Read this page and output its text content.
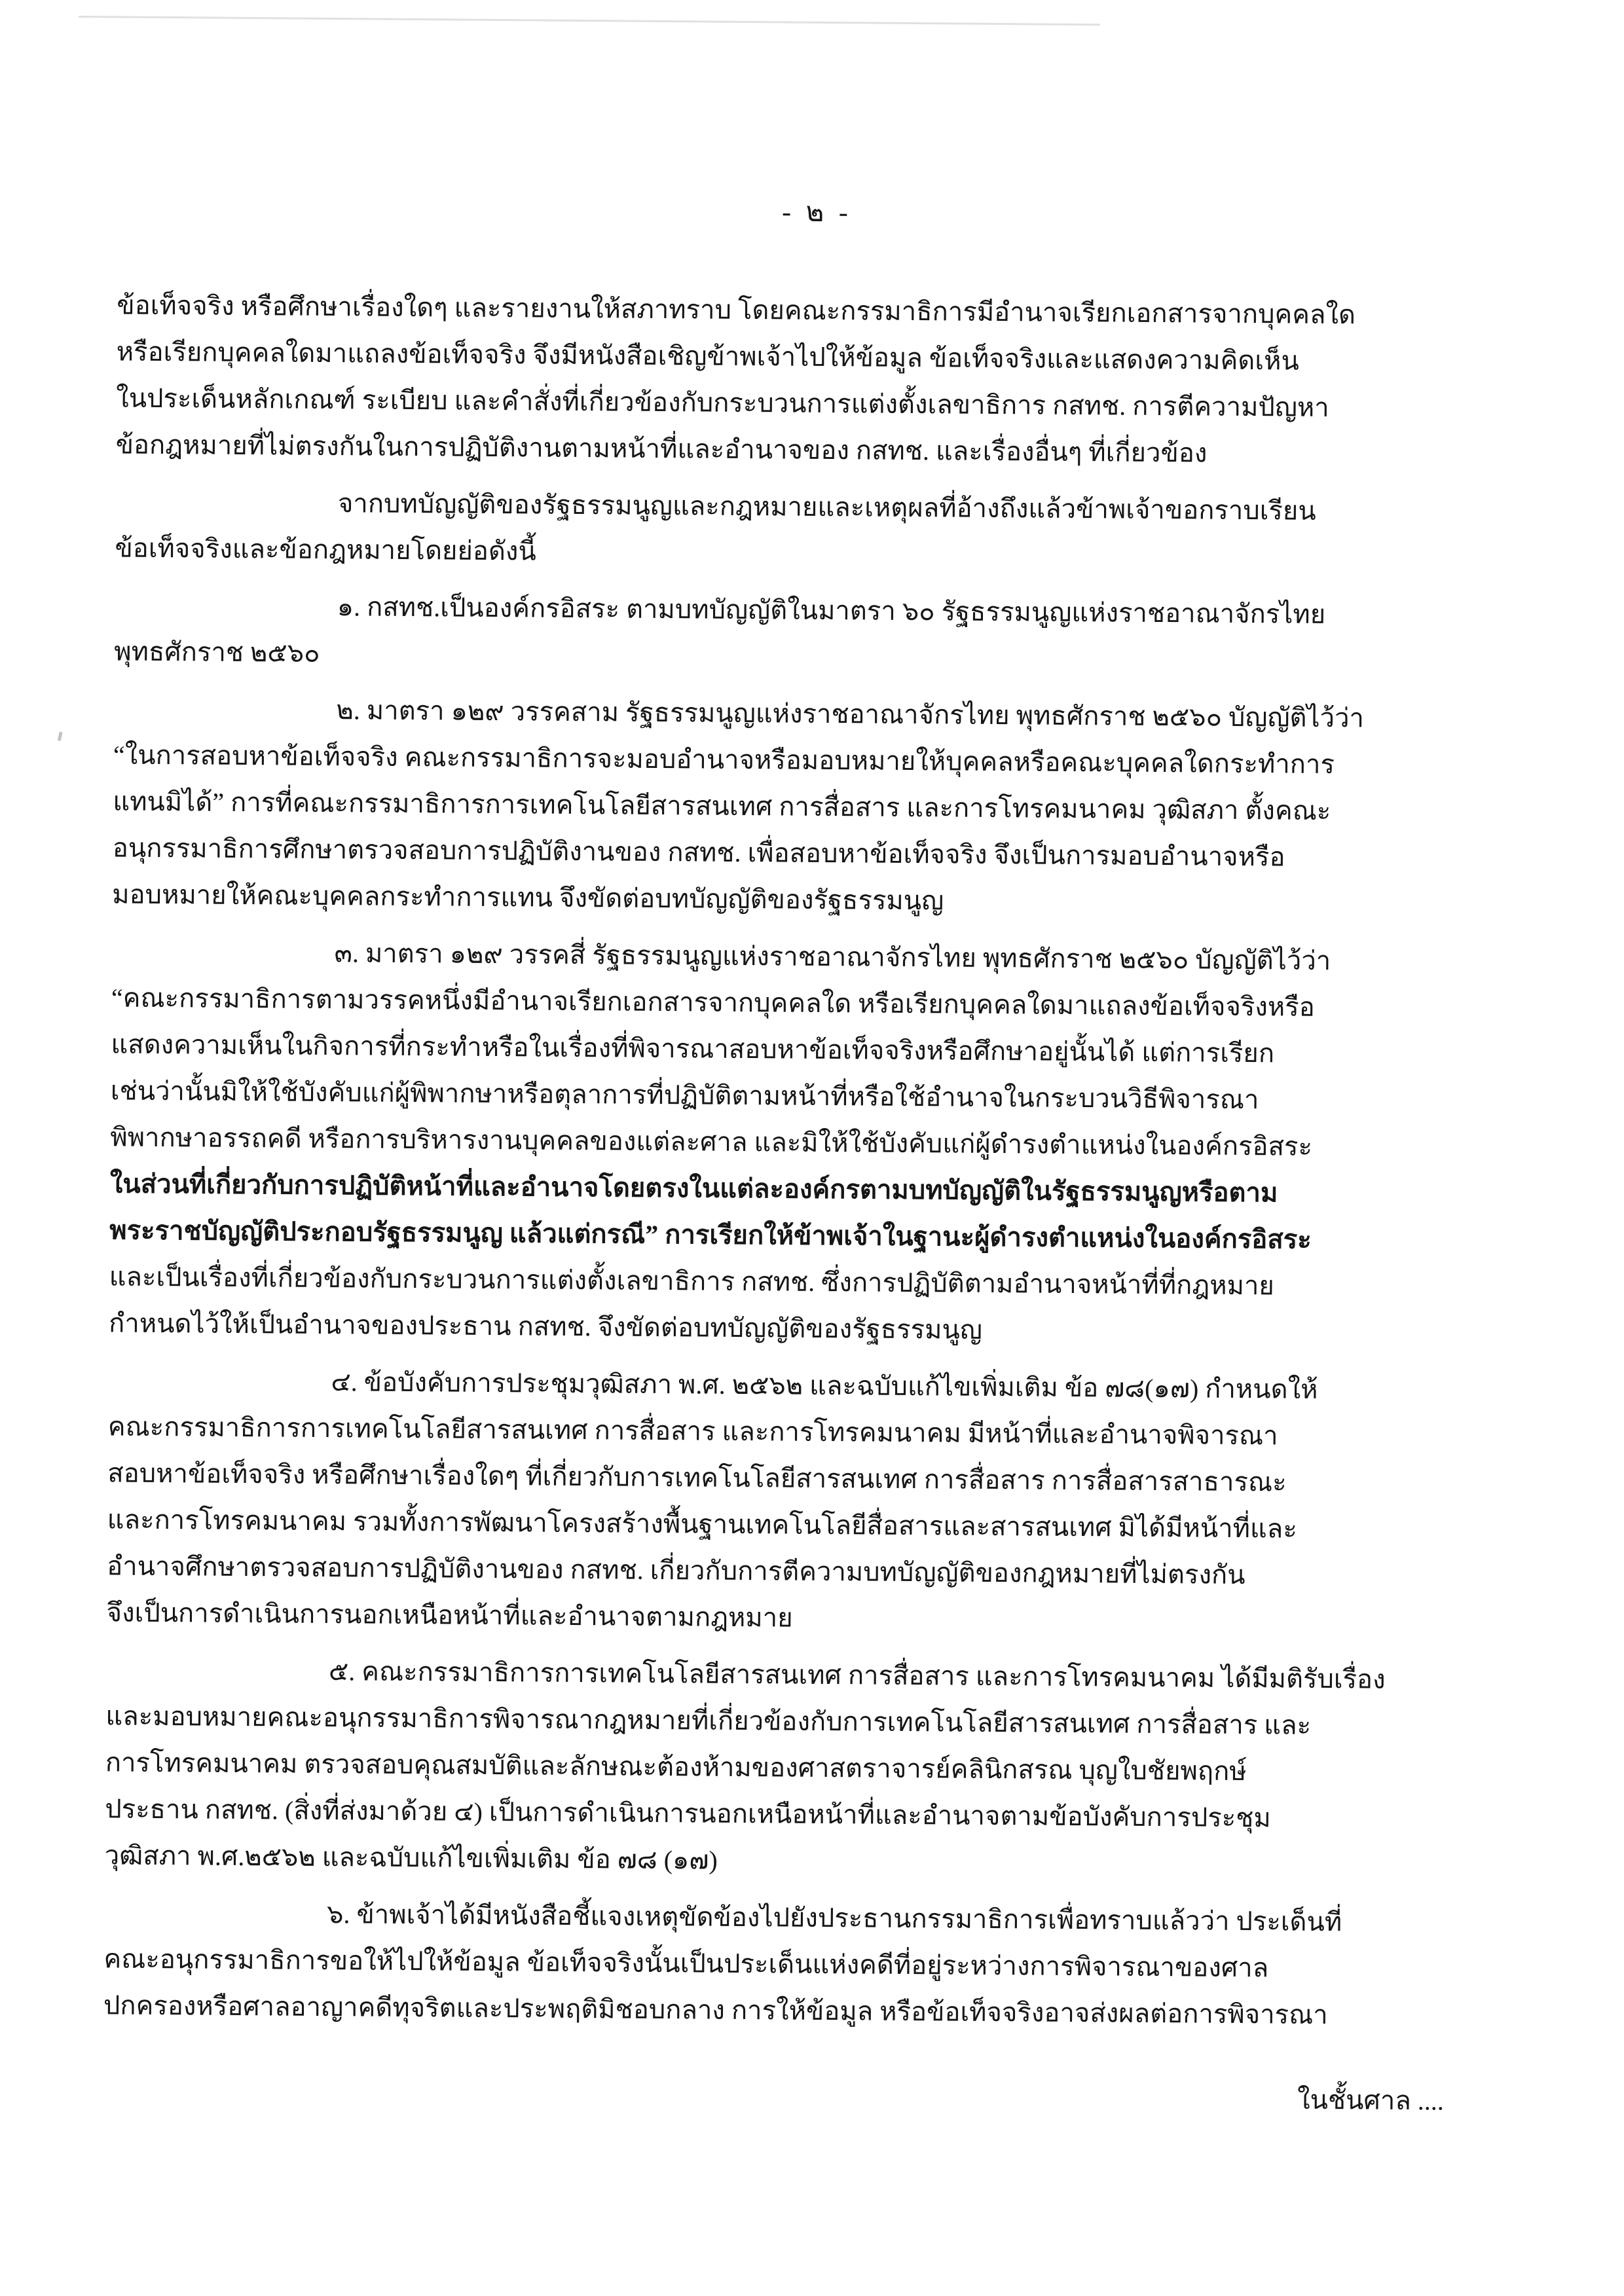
- ๒ -
ข้อเท็จจริง หรือศึกษาเรื่องใดๆ และรายงานให้สภาทราบ โดยคณะกรรมาธิการมีอำนาจเรียกเอกสารจากบุคคลใด
หรือเรียกบุคคลใดมาแถลงข้อเท็จจริง จึงมีหนังสือเชิญข้าพเจ้าไปให้ข้อมูล ข้อเท็จจริงและแสดงความคิดเห็น
ในประเด็นหลักเกณฑ์ ระเบียบ และคำสั่งที่เกี่ยวข้องกับกระบวนการแต่งตั้งเลขาธิการ กสทช. การตีความปัญหา
ข้อกฎหมายที่ไม่ตรงกันในการปฏิบัติงานตามหน้าที่และอำนาจของ กสทช. และเรื่องอื่นๆ ที่เกี่ยวข้อง
จากบทบัญญัติของรัฐธรรมนูญและกฎหมายและเหตุผลที่อ้างถึงแล้วข้าพเจ้าขอกราบเรียน
ข้อเท็จจริงและข้อกฎหมายโดยย่อดังนี้
๑. กสทช.เป็นองค์กรอิสระ ตามบทบัญญัติในมาตรา ๖๐ รัฐธรรมนูญแห่งราชอาณาจักรไทย
พุทธศักราช ๒๕๖๐
๒. มาตรา ๑๒๙ วรรคสาม รัฐธรรมนูญแห่งราชอาณาจักรไทย พุทธศักราช ๒๕๖๐ บัญญัติไว้ว่า
“ในการสอบหาข้อเท็จจริง คณะกรรมาธิการจะมอบอำนาจหรือมอบหมายให้บุคคลหรือคณะบุคคลใดกระทำการ
แทนมิได้” การที่คณะกรรมาธิการการเทคโนโลยีสารสนเทศ การสื่อสาร และการโทรคมนาคม วุฒิสภา ตั้งคณะ
อนุกรรมาธิการศึกษาตรวจสอบการปฏิบัติงานของ กสทช. เพื่อสอบหาข้อเท็จจริง จึงเป็นการมอบอำนาจหรือ
มอบหมายให้คณะบุคคลกระทำการแทน จึงขัดต่อบทบัญญัติของรัฐธรรมนูญ
๓. มาตรา ๑๒๙ วรรคสี่ รัฐธรรมนูญแห่งราชอาณาจักรไทย พุทธศักราช ๒๕๖๐ บัญญัติไว้ว่า
“คณะกรรมาธิการตามวรรคหนึ่งมีอำนาจเรียกเอกสารจากบุคคลใด หรือเรียกบุคคลใดมาแถลงข้อเท็จจริงหรือ
แสดงความเห็นในกิจการที่กระทำหรือในเรื่องที่พิจารณาสอบหาข้อเท็จจริงหรือศึกษาอยู่นั้นได้ แต่การเรียก
เช่นว่านั้นมิให้ใช้บังคับแก่ผู้พิพากษาหรือตุลาการที่ปฏิบัติตามหน้าที่หรือใช้อำนาจในกระบวนวิธีพิจารณา
พิพากษาอรรถคดี หรือการบริหารงานบุคคลของแต่ละศาล และมิให้ใช้บังคับแก่ผู้ดำรงตำแหน่งในองค์กรอิสระ
ในส่วนที่เกี่ยวกับการปฏิบัติหน้าที่และอำนาจโดยตรงในแต่ละองค์กรตามบทบัญญัติในรัฐธรรมนูญหรือตาม
พระราชบัญญัติประกอบรัฐธรรมนูญ แล้วแต่กรณี” การเรียกให้ข้าพเจ้าในฐานะผู้ดำรงตำแหน่งในองค์กรอิสระ
และเป็นเรื่องที่เกี่ยวข้องกับกระบวนการแต่งตั้งเลขาธิการ กสทช. ซึ่งการปฏิบัติตามอำนาจหน้าที่ที่กฎหมาย
กำหนดไว้ให้เป็นอำนาจของประธาน กสทช. จึงขัดต่อบทบัญญัติของรัฐธรรมนูญ
๔. ข้อบังคับการประชุมวุฒิสภา พ.ศ. ๒๕๖๒ และฉบับแก้ไขเพิ่มเติม ข้อ ๗๘(๑๗) กำหนดให้
คณะกรรมาธิการการเทคโนโลยีสารสนเทศ การสื่อสาร และการโทรคมนาคม มีหน้าที่และอำนาจพิจารณา
สอบหาข้อเท็จจริง หรือศึกษาเรื่องใดๆ ที่เกี่ยวกับการเทคโนโลยีสารสนเทศ การสื่อสาร การสื่อสารสาธารณะ
และการโทรคมนาคม รวมทั้งการพัฒนาโครงสร้างพื้นฐานเทคโนโลยีสื่อสารและสารสนเทศ มิได้มีหน้าที่และ
อำนาจศึกษาตรวจสอบการปฏิบัติงานของ กสทช. เกี่ยวกับการตีความบทบัญญัติของกฎหมายที่ไม่ตรงกัน
จึงเป็นการดำเนินการนอกเหนือหน้าที่และอำนาจตามกฎหมาย
๕. คณะกรรมาธิการการเทคโนโลยีสารสนเทศ การสื่อสาร และการโทรคมนาคม ได้มีมติรับเรื่อง
และมอบหมายคณะอนุกรรมาธิการพิจารณากฎหมายที่เกี่ยวข้องกับการเทคโนโลยีสารสนเทศ การสื่อสาร และ
การโทรคมนาคม ตรวจสอบคุณสมบัติและลักษณะต้องห้ามของศาสตราจารย์คลินิกสรณ บุญใบชัยพฤกษ์
ประธาน กสทช. (สิ่งที่ส่งมาด้วย ๔) เป็นการดำเนินการนอกเหนือหน้าที่และอำนาจตามข้อบังคับการประชุม
วุฒิสภา พ.ศ.๒๕๖๒ และฉบับแก้ไขเพิ่มเติม ข้อ ๗๘ (๑๗)
๖. ข้าพเจ้าได้มีหนังสือชี้แจงเหตุขัดข้องไปยังประธานกรรมาธิการเพื่อทราบแล้วว่า ประเด็นที่
คณะอนุกรรมาธิการขอให้ไปให้ข้อมูล ข้อเท็จจริงนั้นเป็นประเด็นแห่งคดีที่อยู่ระหว่างการพิจารณาของศาล
ปกครองหรือศาลอาญาคดีทุจริตและประพฤติมิชอบกลาง การให้ข้อมูล หรือข้อเท็จจริงอาจส่งผลต่อการพิจารณา
ในชั้นศาล ....
